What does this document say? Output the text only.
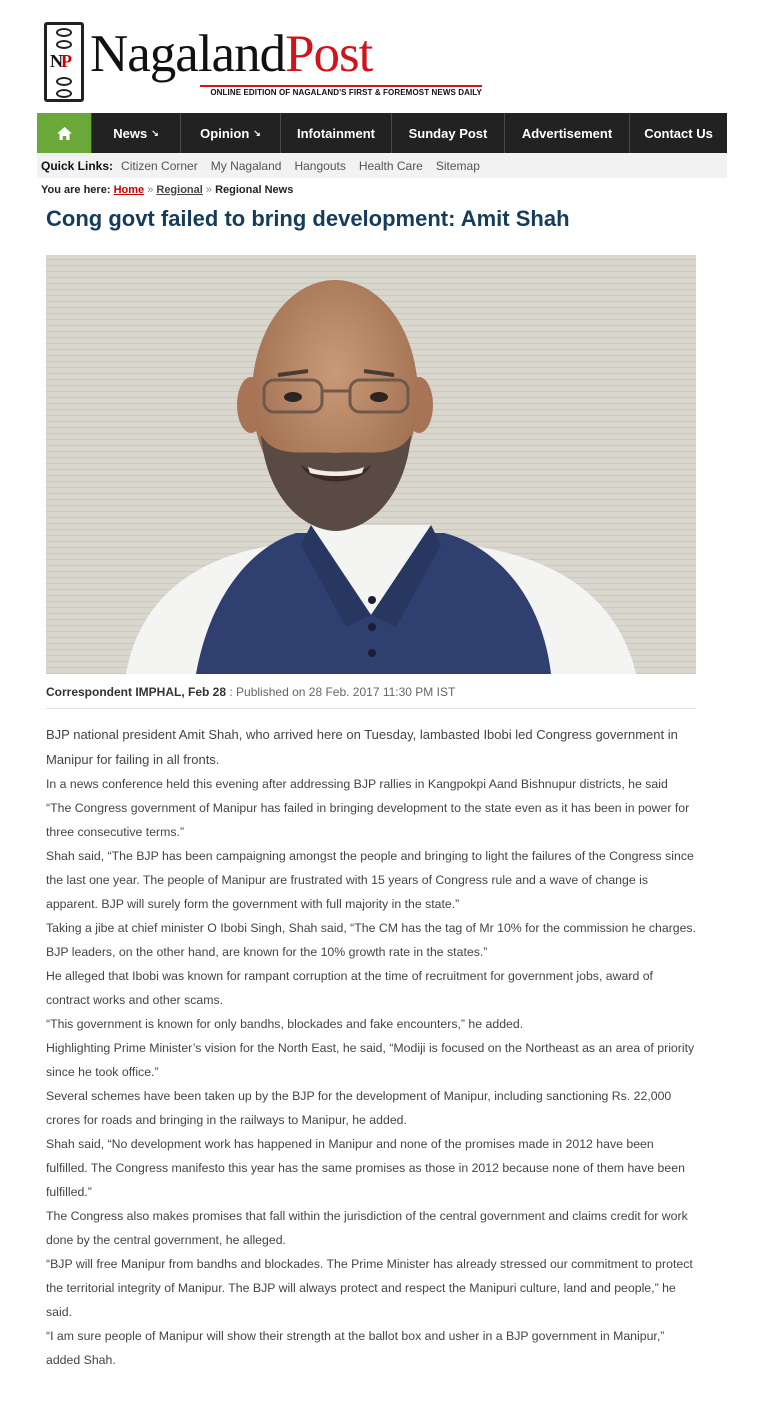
NP NagalandPost
ONLINE EDITION OF NAGALAND'S FIRST & FOREMOST NEWS DAILY
News ↘	Opinion ↘	Infotainment	Sunday Post	Advertisement Contact Us
Quick Links: Citizen Corner My Nagaland Hangouts Health Care Sitemap
You are here: Home » Regional » Regional News
Cong govt failed to bring development: Amit Shah
Correspondent IMPHAL, Feb 28 : Published on 28 Feb. 2017 11:30 PM IST

BJP national president Amit Shah, who arrived here on Tuesday, lambasted Ibobi led Congress government in Manipur for failing in all fronts.

In a news conference held this evening after addressing BJP rallies in Kangpokpi Aand Bishnupur districts, he said “The Congress government of Manipur has failed in bringing development to the state even as it has been in power for three consecutive terms.”

Shah said, “The BJP has been campaigning amongst the people and bringing to light the failures of the Congress since the last one year. The people of Manipur are frustrated with 15 years of Congress rule and a wave of change is apparent. BJP will surely form the government with full majority in the state.”

Taking a jibe at chief minister O Ibobi Singh, Shah said, “The CM has the tag of Mr 10% for the commission he charges. BJP leaders, on the other hand, are known for the 10% growth rate in the states.”

He alleged that Ibobi was known for rampant corruption at the time of recruitment for government jobs, award of contract works and other scams.

“This government is known for only bandhs, blockades and fake encounters,” he added.

Highlighting Prime Minister’s vision for the North East, he said, “Modiji is focused on the Northeast as an area of priority since he took office.”

Several schemes have been taken up by the BJP for the development of Manipur, including sanctioning Rs. 22,000 crores for roads and bringing in the railways to Manipur, he added.

Shah said, “No development work has happened in Manipur and none of the promises made in 2012 have been fulfilled. The Congress manifesto this year has the same promises as those in 2012 because none of them have been fulfilled.”

The Congress also makes promises that fall within the jurisdiction of the central government and claims credit for work done by the central government, he alleged.

“BJP will free Manipur from bandhs and blockades. The Prime Minister has already stressed our commitment to protect the territorial integrity of Manipur. The BJP will always protect and respect the Manipuri culture, land and people,” he said.

“I am sure people of Manipur will show their strength at the ballot box and usher in a BJP government in Manipur,” added Shah.
